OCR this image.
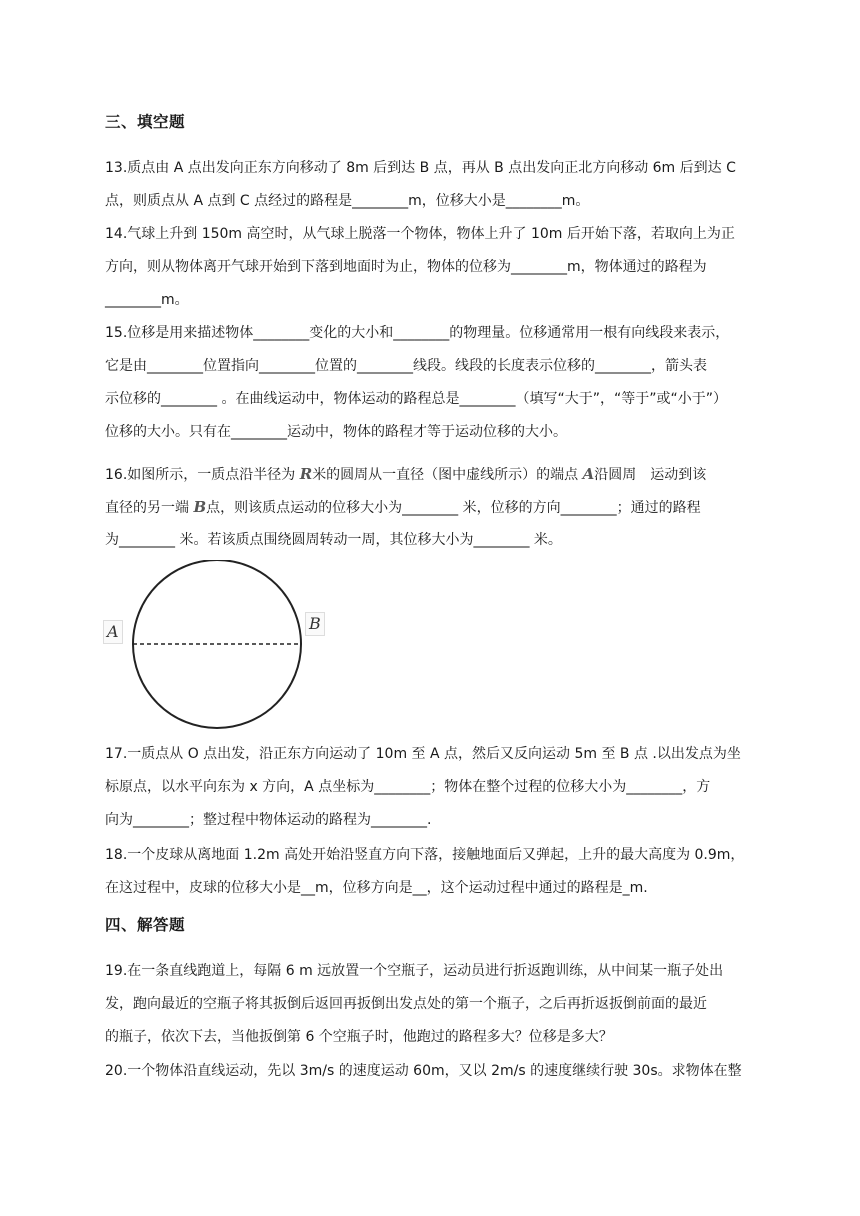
三、填空题
13.质点由 A 点出发向正东方向移动了 8m 后到达 B 点，再从 B 点出发向正北方向移动 6m 后到达 C
点，则质点从 A 点到 C 点经过的路程是________m，位移大小是________m。
14.气球上升到 150m 高空时，从气球上脱落一个物体，物体上升了 10m 后开始下落，若取向上为正
方向，则从物体离开气球开始到下落到地面时为止，物体的位移为________m，物体通过的路程为
________m。
15.位移是用来描述物体________变化的大小和________的物理量。位移通常用一根有向线段来表示，
它是由________位置指向________位置的________线段。线段的长度表示位移的________，箭头表
示位移的________ 。在曲线运动中，物体运动的路程总是________（填写“大于”，“等于”或“小于”）
位移的大小。只有在________运动中，物体的路程才等于运动位移的大小。
16.如图所示，一质点沿半径为 R米的圆周从一直径（图中虚线所示）的端点 A沿圆周　运动到该
直径的另一端 B点，则该质点运动的位移大小为________ 米，位移的方向________；通过的路程
为________ 米。若该质点围绕圆周转动一周，其位移大小为________ 米。
A	B
17.一质点从 O 点出发，沿正东方向运动了 10m 至 A 点，然后又反向运动 5m 至 B 点 .以出发点为坐
标原点，以水平向东为 x 方向，A 点坐标为________；物体在整个过程的位移大小为________，方
向为________；整过程中物体运动的路程为________.
18.一个皮球从离地面 1.2m 高处开始沿竖直方向下落，接触地面后又弹起，上升的最大高度为 0.9m，
在这过程中，皮球的位移大小是__m，位移方向是__，这个运动过程中通过的路程是_m.
四、解答题
19.在一条直线跑道上，每隔 6 m 远放置一个空瓶子，运动员进行折返跑训练，从中间某一瓶子处出
发，跑向最近的空瓶子将其扳倒后返回再扳倒出发点处的第一个瓶子，之后再折返扳倒前面的最近
的瓶子，依次下去，当他扳倒第 6 个空瓶子时，他跑过的路程多大？位移是多大？
20.一个物体沿直线运动，先以 3m/s 的速度运动 60m，又以 2m/s 的速度继续行驶 30s。求物体在整
